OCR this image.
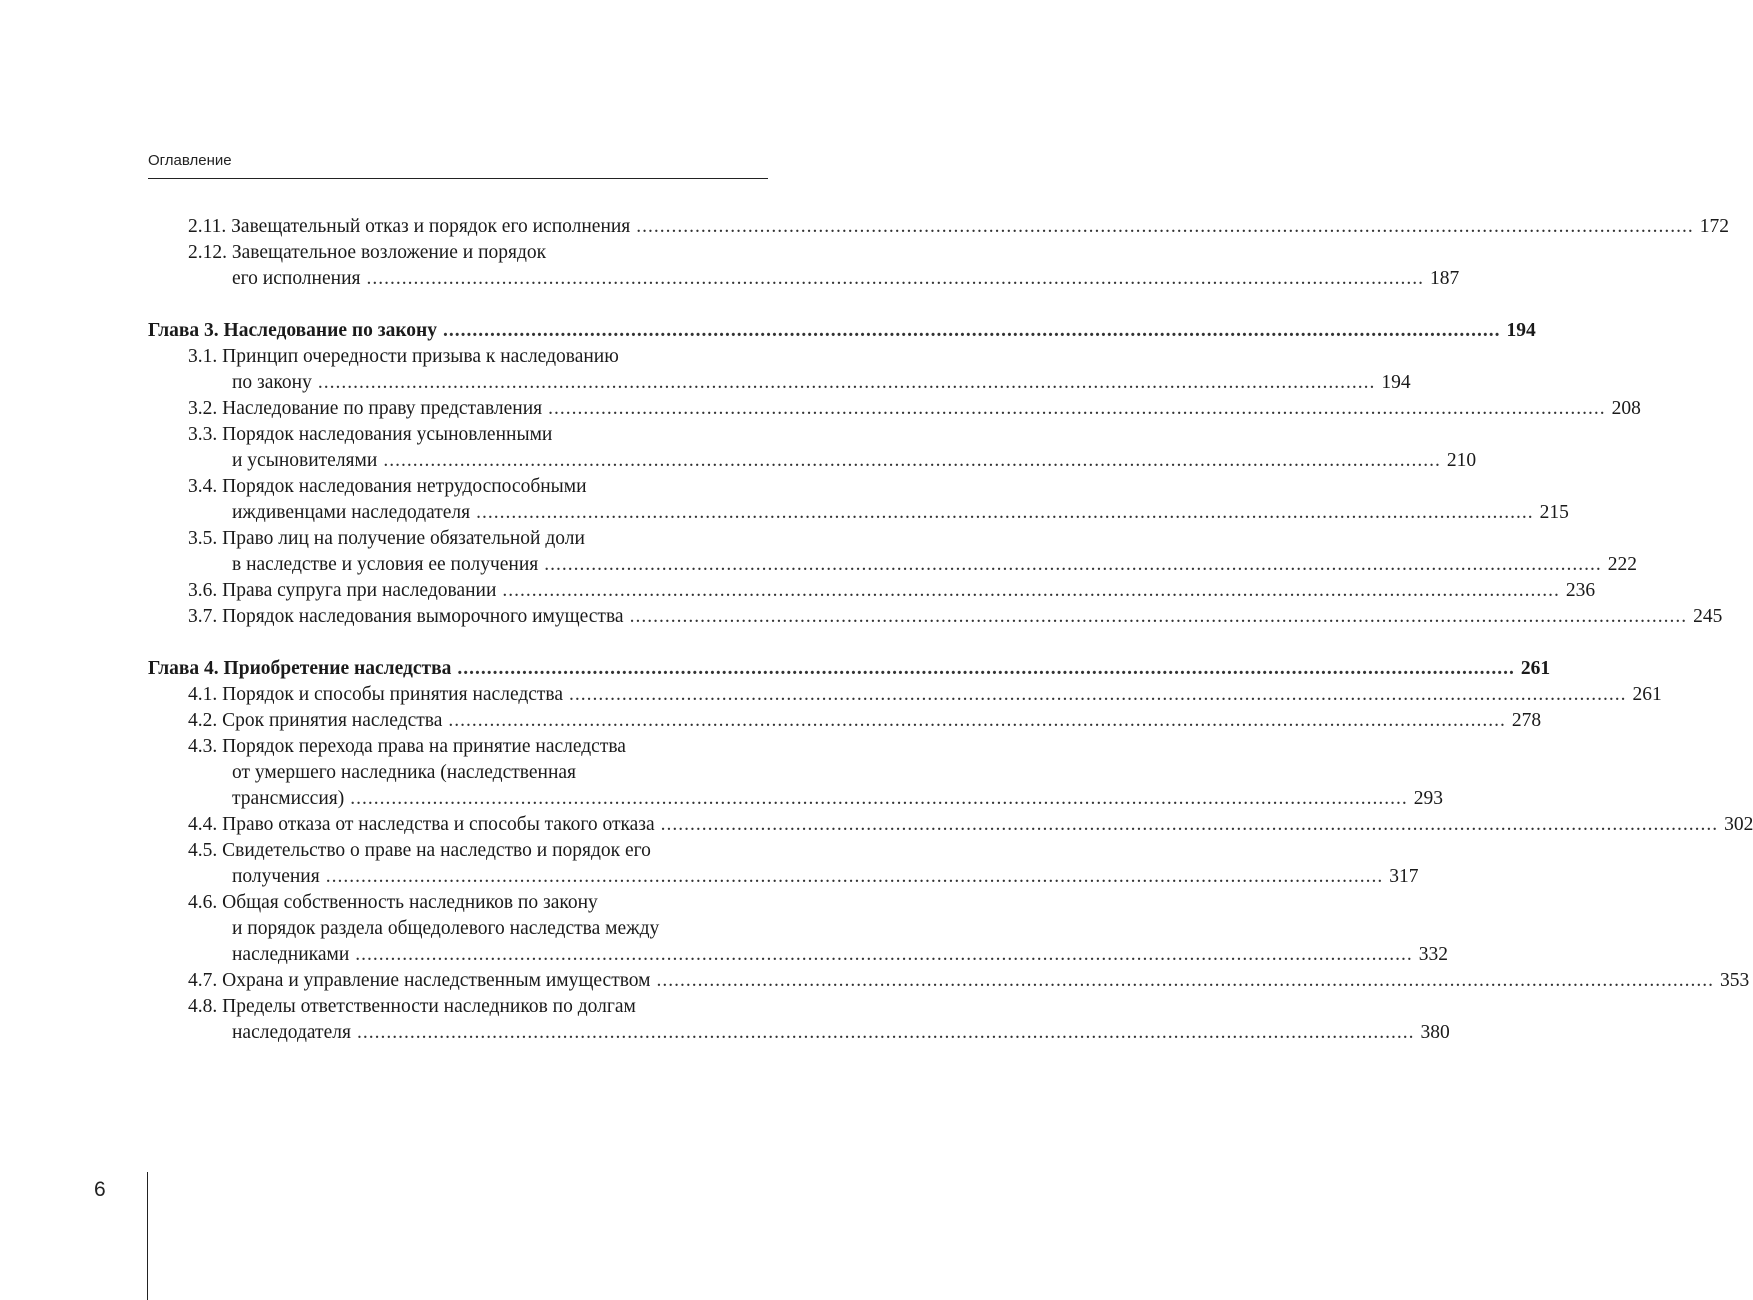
Оглавление
2.11. Завещательный отказ и порядок его исполнения .................................................................................................................................................................................... 172
2.12. Завещательное возложение и порядок
его исполнения .................................................................................................................................................................................... 187
Глава 3. Наследование по закону .................................................................................................................................................................................... 194
3.1. Принцип очередности призыва к наследованию
по закону .................................................................................................................................................................................... 194
3.2. Наследование по праву представления .................................................................................................................................................................................... 208
3.3. Порядок наследования усыновленными
и усыновителями .................................................................................................................................................................................... 210
3.4. Порядок наследования нетрудоспособными
иждивенцами наследодателя .................................................................................................................................................................................... 215
3.5. Право лиц на получение обязательной доли
в наследстве и условия ее получения .................................................................................................................................................................................... 222
3.6. Права супруга при наследовании .................................................................................................................................................................................... 236
3.7. Порядок наследования выморочного имущества .................................................................................................................................................................................... 245
Глава 4. Приобретение наследства .................................................................................................................................................................................... 261
4.1. Порядок и способы принятия наследства .................................................................................................................................................................................... 261
4.2. Срок принятия наследства .................................................................................................................................................................................... 278
4.3. Порядок перехода права на принятие наследства
от умершего наследника (наследственная
трансмиссия) .................................................................................................................................................................................... 293
4.4. Право отказа от наследства и способы такого отказа .................................................................................................................................................................................... 302
4.5. Свидетельство о праве на наследство и порядок его
получения .................................................................................................................................................................................... 317
4.6. Общая собственность наследников по закону
и порядок раздела общедолевого наследства между
наследниками .................................................................................................................................................................................... 332
4.7. Охрана и управление наследственным имуществом .................................................................................................................................................................................... 353
4.8. Пределы ответственности наследников по долгам
наследодателя .................................................................................................................................................................................... 380
6
